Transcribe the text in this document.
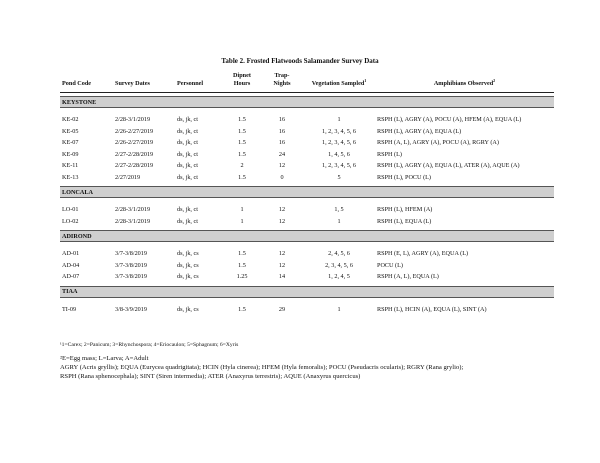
Table 2. Frosted Flatwoods Salamander Survey Data
Pond Code	Survey Dates	Personnel	Dipnet Hours	Trap-Nights	Vegetation Sampled$^1$	Amphibians Observed$^2$

KEYSTONE						

KE-02	2/28-3/1/2019	ds, jk, ct	1.5	16	1	RSPH (L), AGRY (A), POCU (A), HFEM (A), EQUA (L)
KE-05	2/26-2/27/2019	ds, jk, ct	1.5	16	1, 2, 3, 4, 5, 6	RSPH (L), AGRY (A), EQUA (L)
KE-07	2/26-2/27/2019	ds, jk, ct	1.5	16	1, 2, 3, 4, 5, 6	RSPH (A, L), AGRY (A), POCU (A), RGRY (A)
KE-09	2/27-2/28/2019	ds, jk, ct	1.5	24	1, 4, 5, 6	RSPH (L)
KE-11	2/27-2/28/2019	ds, jk, ct	2	12	1, 2, 3, 4, 5, 6	RSPH (L), AGRY (A), EQUA (L), ATER (A), AQUE (A)
KE-13	2/27/2019	ds, jk, ct	1.5	0	5	RSPH (L), POCU (L)

LONCALA						

LO-01	2/28-3/1/2019	ds, jk, ct	1	12	1, 5	RSPH (L), HFEM (A)
LO-02	2/28-3/1/2019	ds, jk, ct	1	12	1	RSPH (L), EQUA (L)

ADIROND						

AD-01	3/7-3/8/2019	ds, jk, cs	1.5	12	2, 4, 5, 6	RSPH (E, L), AGRY (A), EQUA (L)
AD-04	3/7-3/8/2019	ds, jk, cs	1.5	12	2, 3, 4, 5, 6	POCU (L)
AD-07	3/7-3/8/2019	ds, jk, cs	1.25	14	1, 2, 4, 5	RSPH (A, L), EQUA (L)

TIAA						

TI-09	3/8-3/9/2019	ds, jk, cs	1.5	29	1	RSPH (L), HCIN (A), EQUA (L), SINT (A)
¹1=Carex; 2=Panicum; 3=Rhynchospora; 4=Eriocaulon; 5=Sphagnum; 6=Xyris
²E=Egg mass; L=Larva; A=Adult
AGRY (Acris gryllis); EQUA (Eurycea quadrigitata); HCIN (Hyla cinerea); HFEM (Hyla femoralis); POCU (Pseudacris ocularis); RGRY (Rana grylio);
RSPH (Rana sphenocephala); SINT (Siren intermedia); ATER (Anaxyrus terrestris); AQUE (Anaxyrus quercicus)
